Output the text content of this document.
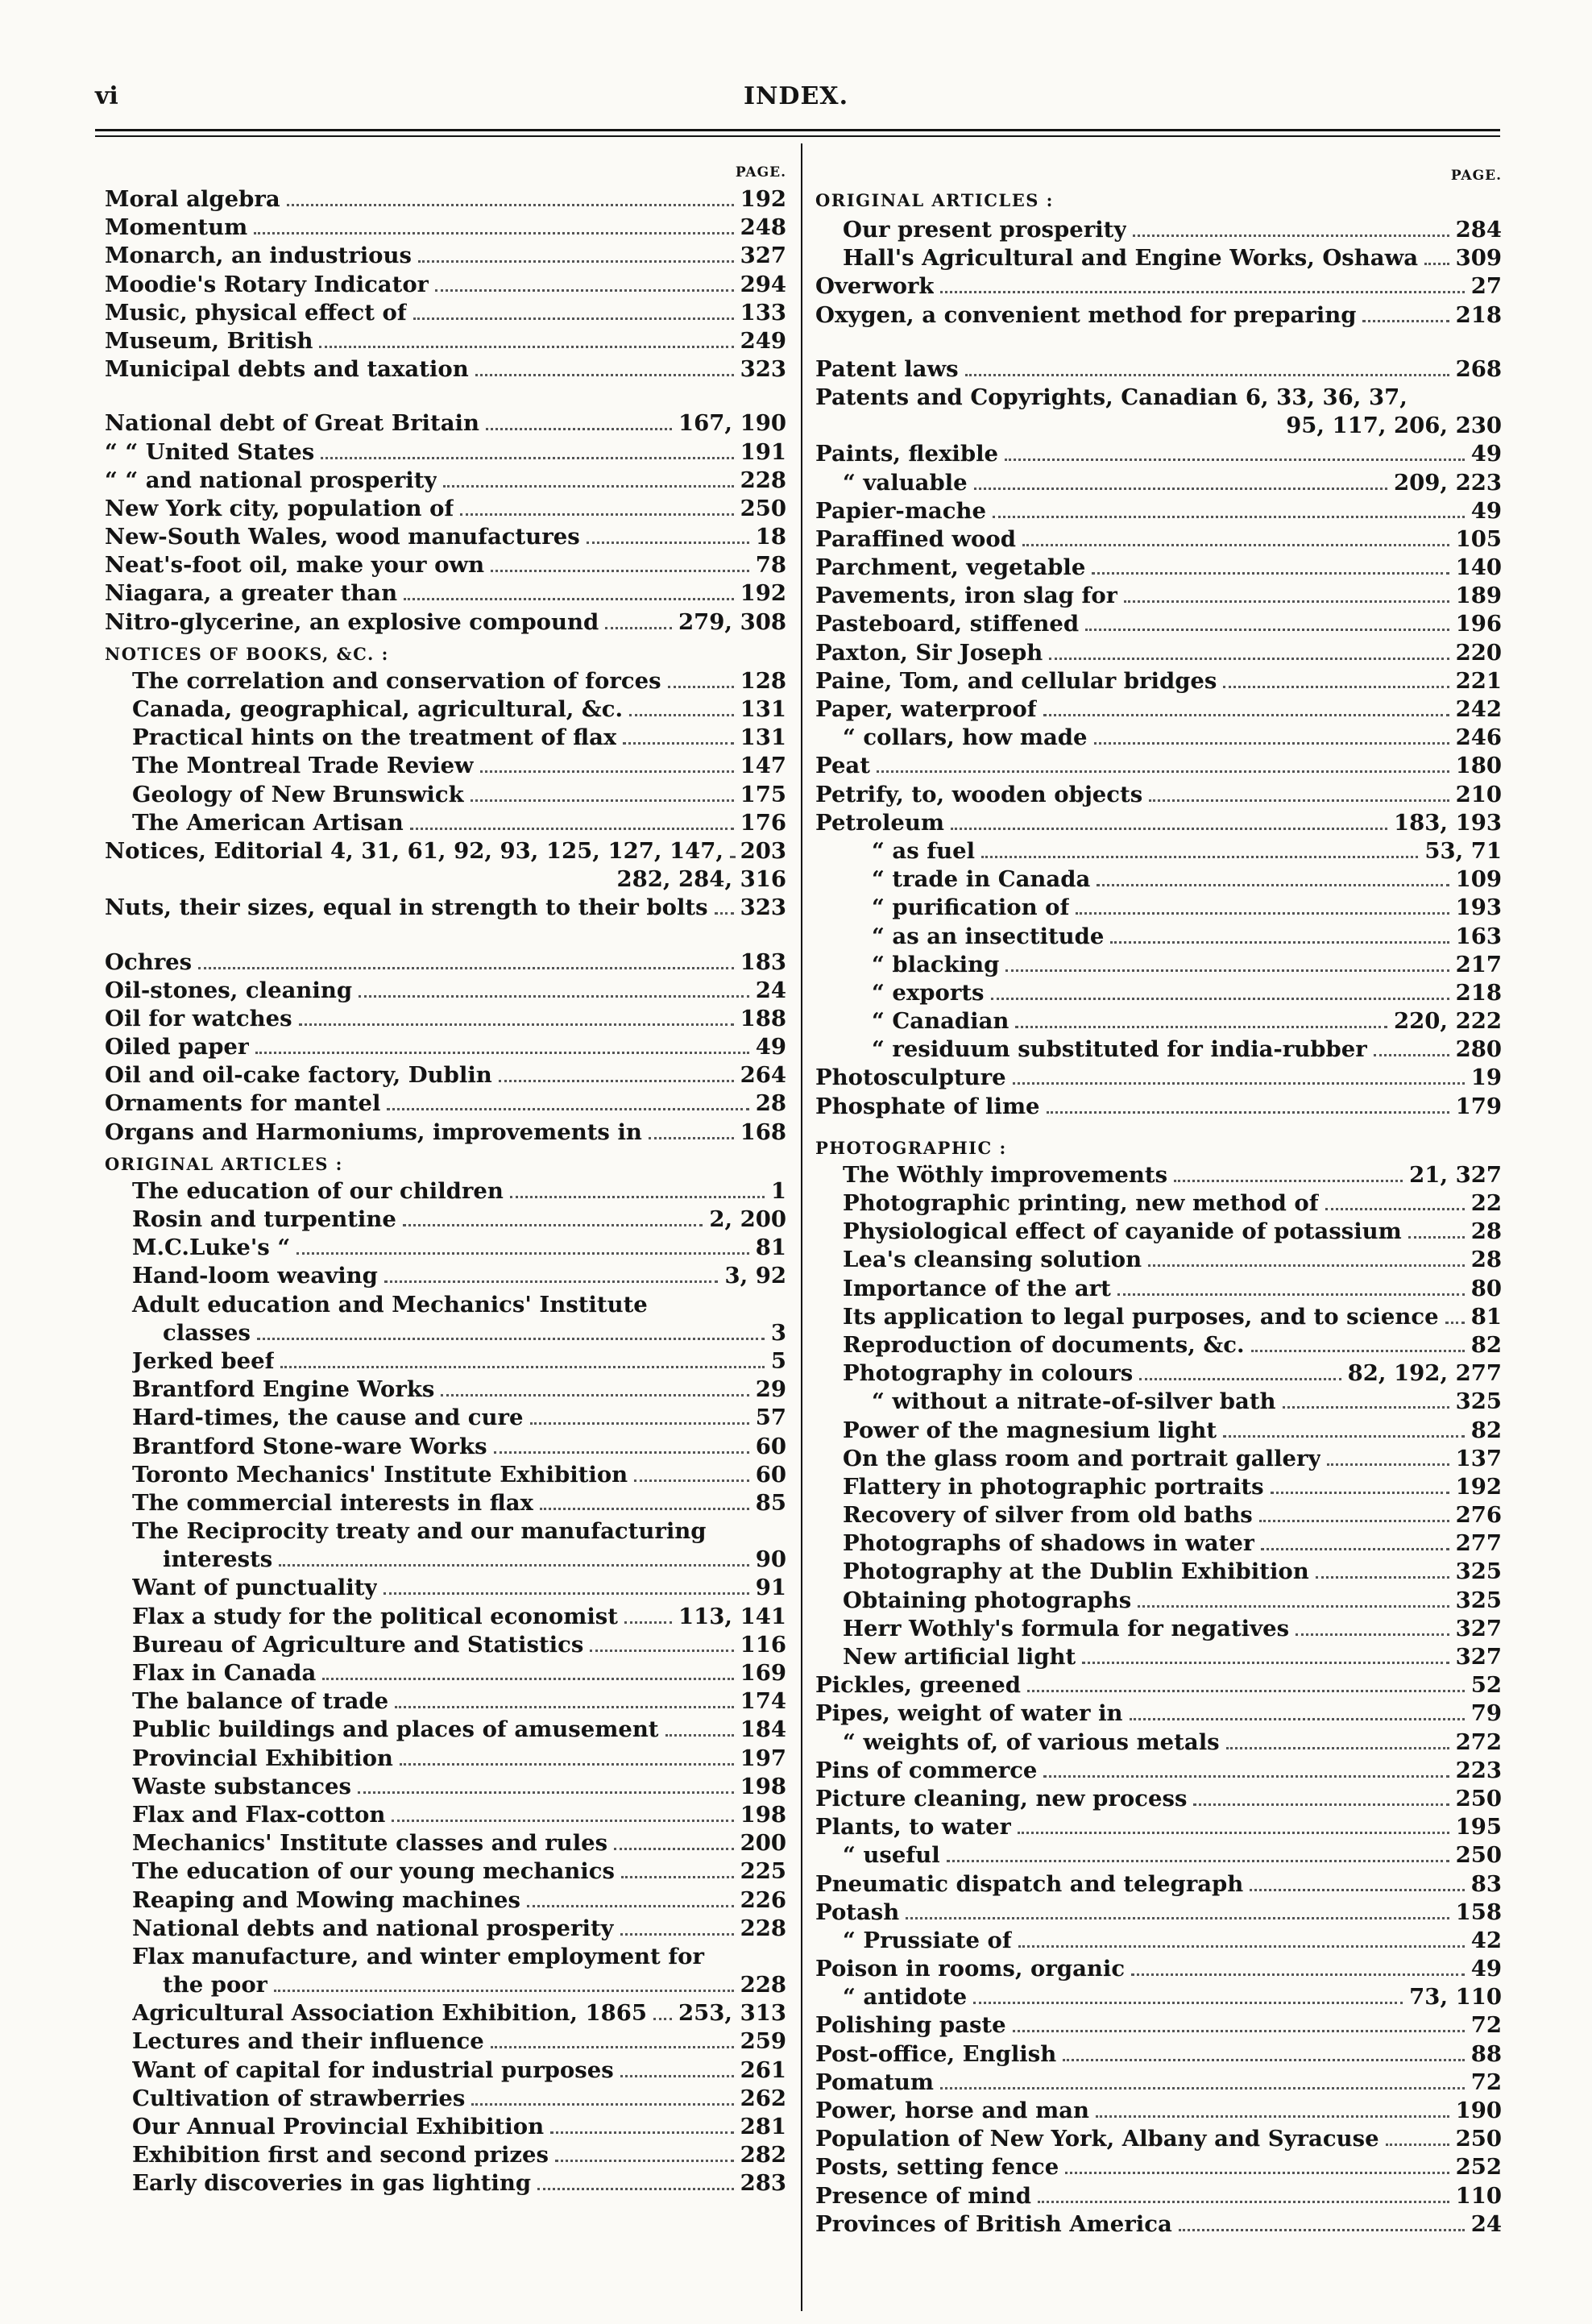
vi	INDEX.
PAGE.
Moral algebra	192
Momentum	248
Monarch, an industrious	327
Moodie's Rotary Indicator	294
Music, physical effect of	133
Museum, British	249
Municipal debts and taxation	323
National debt of Great Britain	167, 190
“ “ United States	191
“ “ and national prosperity	228
New York city, population of	250
New-South Wales, wood manufactures	18
Neat's-foot oil, make your own	78
Niagara, a greater than	192
Nitro-glycerine, an explosive compound	279, 308
NOTICES OF BOOKS, &C. :
The correlation and conservation of forces	128
Canada, geographical, agricultural, &c.	131
Practical hints on the treatment of flax	131
The Montreal Trade Review	147
Geology of New Brunswick	175
The American Artisan	176
Notices, Editorial 4, 31, 61, 92, 93, 125, 127, 147, 203
282, 284, 316
Nuts, their sizes, equal in strength to their bolts 323
Ochres	183
Oil-stones, cleaning	24
Oil for watches	188
Oiled paper	49
Oil and oil-cake factory, Dublin	264
Ornaments for mantel	28
Organs and Harmoniums, improvements in	168
ORIGINAL ARTICLES :
The education of our children	1
Rosin and turpentine	2, 200
M.C.Luke's “	81
Hand-loom weaving	3, 92
Adult education and Mechanics' Institute
classes	3
Jerked beef	5
Brantford Engine Works	29
Hard-times, the cause and cure	57
Brantford Stone-ware Works	60
Toronto Mechanics' Institute Exhibition	60
The commercial interests in flax	85
The Reciprocity treaty and our manufacturing
interests	90
Want of punctuality	91
Flax a study for the political economist	113, 141
Bureau of Agriculture and Statistics	116
Flax in Canada	169
The balance of trade	174
Public buildings and places of amusement	184
Provincial Exhibition	197
Waste substances	198
Flax and Flax-cotton	198
Mechanics' Institute classes and rules	200
The education of our young mechanics	225
Reaping and Mowing machines	226
National debts and national prosperity	228
Flax manufacture, and winter employment for
the poor	228
Agricultural Association Exhibition, 1865 253, 313
Lectures and their influence	259
Want of capital for industrial purposes	261
Cultivation of strawberries	262
Our Annual Provincial Exhibition	281
Exhibition first and second prizes	282
Early discoveries in gas lighting	283
PAGE.
ORIGINAL ARTICLES :
Our present prosperity	284
Hall's Agricultural and Engine Works, Oshawa 309
Overwork	27
Oxygen, a convenient method for preparing	218
Patent laws	268
Patents and Copyrights, Canadian 6, 33, 36, 37,
95, 117, 206, 230
Paints, flexible	49
“ valuable	209, 223
Papier-mache	49
Paraffined wood	105
Parchment, vegetable	140
Pavements, iron slag for	189
Pasteboard, stiffened	196
Paxton, Sir Joseph	220
Paine, Tom, and cellular bridges	221
Paper, waterproof	242
“ collars, how made	246
Peat	180
Petrify, to, wooden objects	210
Petroleum	183, 193
“ as fuel	53, 71
“ trade in Canada	109
“ purification of	193
“ as an insectitude	163
“ blacking	217
“ exports	218
“ Canadian	220, 222
“ residuum substituted for india-rubber	280
Photosculpture	19
Phosphate of lime	179
PHOTOGRAPHIC :
The Wöthly improvements	21, 327
Photographic printing, new method of	22
Physiological effect of cayanide of potassium	28
Lea's cleansing solution	28
Importance of the art	80
Its application to legal purposes, and to science 81
Reproduction of documents, &c.	82
Photography in colours	82, 192, 277
“ without a nitrate-of-silver bath	325
Power of the magnesium light	82
On the glass room and portrait gallery	137
Flattery in photographic portraits	192
Recovery of silver from old baths	276
Photographs of shadows in water	277
Photography at the Dublin Exhibition	325
Obtaining photographs	325
Herr Wothly's formula for negatives	327
New artificial light	327
Pickles, greened	52
Pipes, weight of water in	79
“ weights of, of various metals	272
Pins of commerce	223
Picture cleaning, new process	250
Plants, to water	195
“ useful	250
Pneumatic dispatch and telegraph	83
Potash	158
“ Prussiate of	42
Poison in rooms, organic	49
“ antidote	73, 110
Polishing paste	72
Post-office, English	88
Pomatum	72
Power, horse and man	190
Population of New York, Albany and Syracuse	250
Posts, setting fence	252
Presence of mind	110
Provinces of British America	24
